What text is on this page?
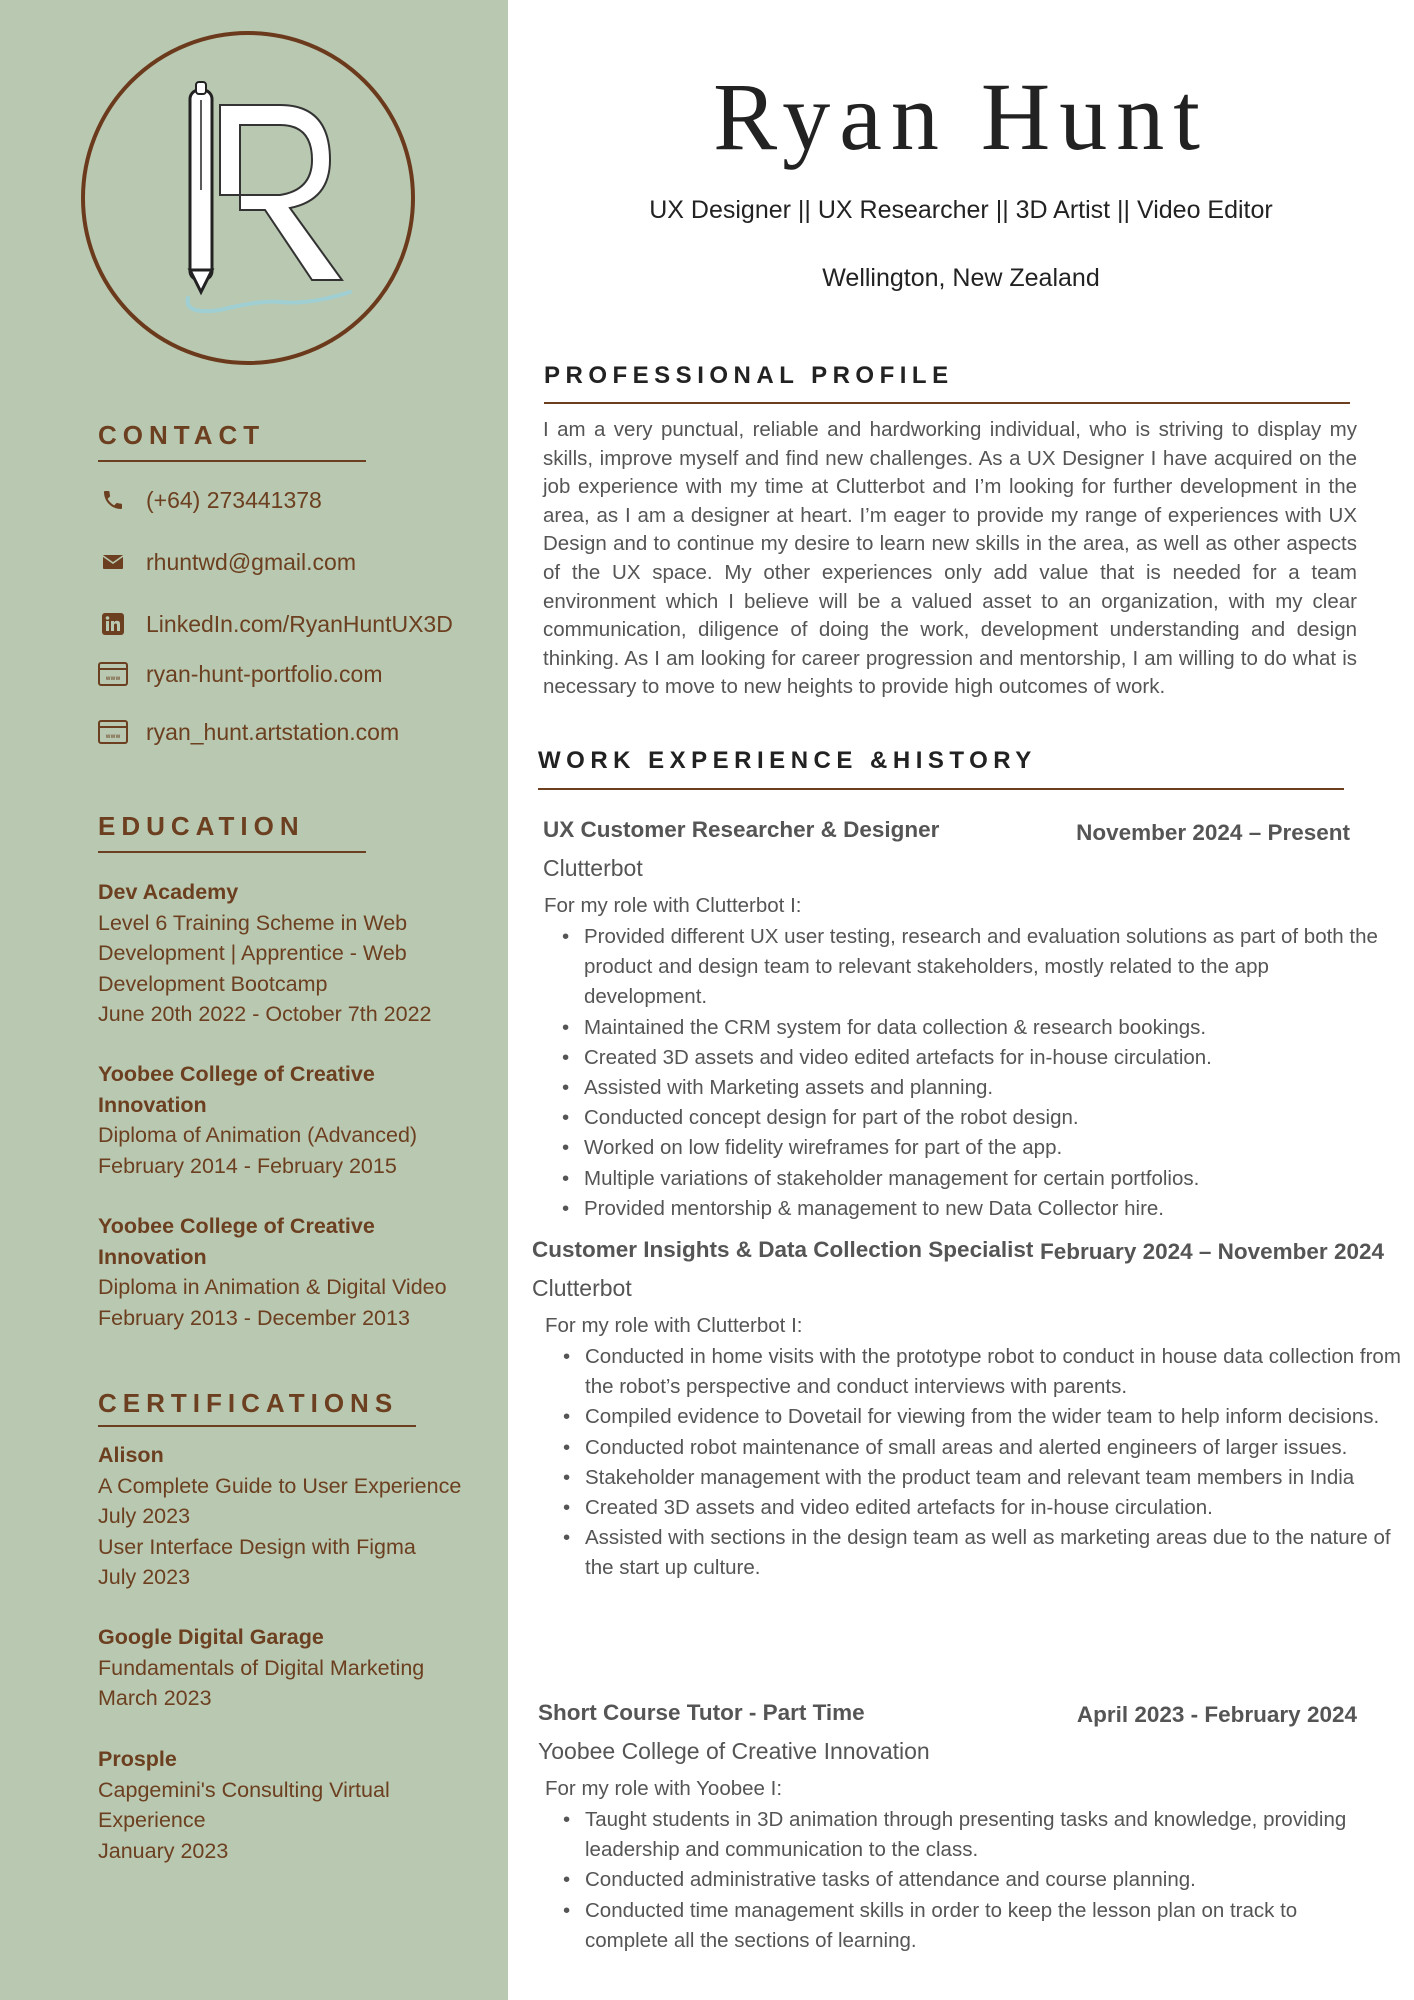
CONTACT
(+64) 273441378
rhuntwd@gmail.com
LinkedIn.com/RyanHuntUX3D
www ryan-hunt-portfolio.com
www ryan_hunt.artstation.com
EDUCATION
Dev Academy
Level 6 Training Scheme in Web
Development | Apprentice - Web
Development Bootcamp
June 20th 2022 - October 7th 2022
Yoobee College of Creative Innovation
Diploma of Animation (Advanced)
February 2014 - February 2015
Yoobee College of Creative Innovation
Diploma in Animation & Digital Video
February 2013 - December 2013
CERTIFICATIONS
Alison
A Complete Guide to User Experience
July 2023
User Interface Design with Figma
July 2023
Google Digital Garage
Fundamentals of Digital Marketing
March 2023
Prosple
Capgemini's Consulting Virtual
Experience
January 2023
Ryan Hunt
UX Designer || UX Researcher || 3D Artist || Video Editor
Wellington, New Zealand
PROFESSIONAL PROFILE
I am a very punctual, reliable and hardworking individual, who is striving to display my skills, improve myself and find new challenges. As a UX Designer I have acquired on the job experience with my time at Clutterbot and I’m looking for further development in the area, as I am a designer at heart. I’m eager to provide my range of experiences with UX Design and to continue my desire to learn new skills in the area, as well as other aspects of the UX space. My other experiences only add value that is needed for a team environment which I believe will be a valued asset to an organization, with my clear communication, diligence of doing the work, development understanding and design thinking. As I am looking for career progression and mentorship, I am willing to do what is necessary to move to new heights to provide high outcomes of work.
WORK EXPERIENCE &HISTORY
UX Customer Researcher & Designer	November 2024 – Present
Clutterbot
For my role with Clutterbot I:
• Provided different UX user testing, research and evaluation solutions as part of both the product and design team to relevant stakeholders, mostly related to the app development.
• Maintained the CRM system for data collection & research bookings.
• Created 3D assets and video edited artefacts for in-house circulation.
• Assisted with Marketing assets and planning.
• Conducted concept design for part of the robot design.
• Worked on low fidelity wireframes for part of the app.
• Multiple variations of stakeholder management for certain portfolios.
• Provided mentorship & management to new Data Collector hire.
Customer Insights & Data Collection Specialist February 2024 – November 2024
Clutterbot
For my role with Clutterbot I:
• Conducted in home visits with the prototype robot to conduct in house data collection from the robot’s perspective and conduct interviews with parents.
• Compiled evidence to Dovetail for viewing from the wider team to help inform decisions.
• Conducted robot maintenance of small areas and alerted engineers of larger issues.
• Stakeholder management with the product team and relevant team members in India
• Created 3D assets and video edited artefacts for in-house circulation.
• Assisted with sections in the design team as well as marketing areas due to the nature of the start up culture.
Short Course Tutor - Part Time	April 2023 - February 2024
Yoobee College of Creative Innovation
For my role with Yoobee I:
• Taught students in 3D animation through presenting tasks and knowledge, providing leadership and communication to the class.
• Conducted administrative tasks of attendance and course planning.
• Conducted time management skills in order to keep the lesson plan on track to complete all the sections of learning.
